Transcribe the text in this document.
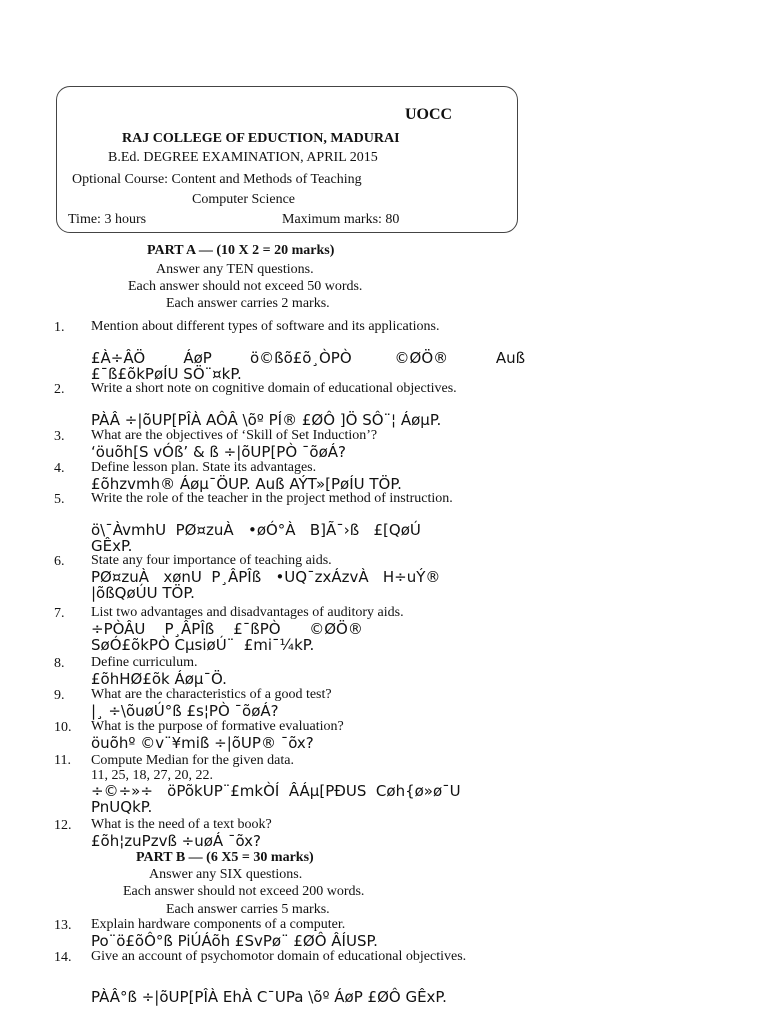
UOCC
RAJ COLLEGE OF EDUCTION, MADURAI
B.Ed. DEGREE EXAMINATION, APRIL 2015
Optional Course: Content and Methods of Teaching
Computer Science
Time: 3 hours	Maximum marks: 80
PART A — (10 X 2 = 20 marks)
Answer any TEN questions.
Each answer should not exceed 50 words.
Each answer carries 2 marks.
1. Mention about different types of software and its applications.
£À÷ÂÖ        ÁøP        ö©ßõ£õ¸ÒPÒ         ©ØÖ®          Auß
£¯ß£õkPøÍU SÖ¨¤kP.
2. Write a short note on cognitive domain of educational objectives.
PÀÂ ÷|õUP[PÎÀ AÔÂ \õº PÍ® £ØÔ ]Ö SÔ¨¦ ÁøµP.
3. What are the objectives of ‘Skill of Set Induction’?
‘öuõh[S vÓß’ & ß ÷|õUP[PÒ ¯õøÁ?
4. Define lesson plan. State its advantages.
£õhzvmh® Áøµ¯ÖUP. Auß AÝT»[PøÍU TÖP.
5. Write the role of the teacher in the project method of instruction.
ö\¯ÀvmhU  PØ¤zuÀ   •øÓ°À   B]Ã¯›ß   £[QøÚ
GÊxP.
6. State any four importance of teaching aids.
PØ¤zuÀ   xønU  P¸ÂPÎß   •UQ¯zxÁzvÀ   H÷uÝ®
|õßQøÚU TÖP.
7. List two advantages and disadvantages of auditory aids.
÷PÒÂU    P¸ÂPÎß    £¯ßPÒ      ©ØÖ®
SøÓ£õkPÒ CµsiøÚ¨  £mi¯¼kP.
8. Define curriculum.
£õhHØ£õk Áøµ¯Ö.
9. What are the characteristics of a good test?
|¸ ÷\õuøÚ°ß £s¦PÒ ¯õøÁ?
10. What is the purpose of formative evaluation?
öuõhº ©v¨¥miß ÷|õUP® ¯õx?
11. Compute Median for the given data.
11, 25, 18, 27, 20, 22.
÷©÷»÷   öPõkUP¨£mkÒÍ  ÂÁµ[PÐUS  Cøh{ø»ø¯U
PnUQkP.
12. What is the need of a text book?
£õh¦zuPzvß ÷uøÁ ¯õx?
PART B — (6 X5 = 30 marks)
Answer any SIX questions.
Each answer should not exceed 200 words.
Each answer carries 5 marks.
13. Explain hardware components of a computer.
Po¨ö£õÔ°ß PiÚÁõh £SvPø¨ £ØÔ ÂÍUSP.
14. Give an account of psychomotor domain of educational objectives.
PÀÂ°ß ÷|õUP[PÎÀ EhÀ C¯UPa \õº ÁøP £ØÔ GÊxP.
